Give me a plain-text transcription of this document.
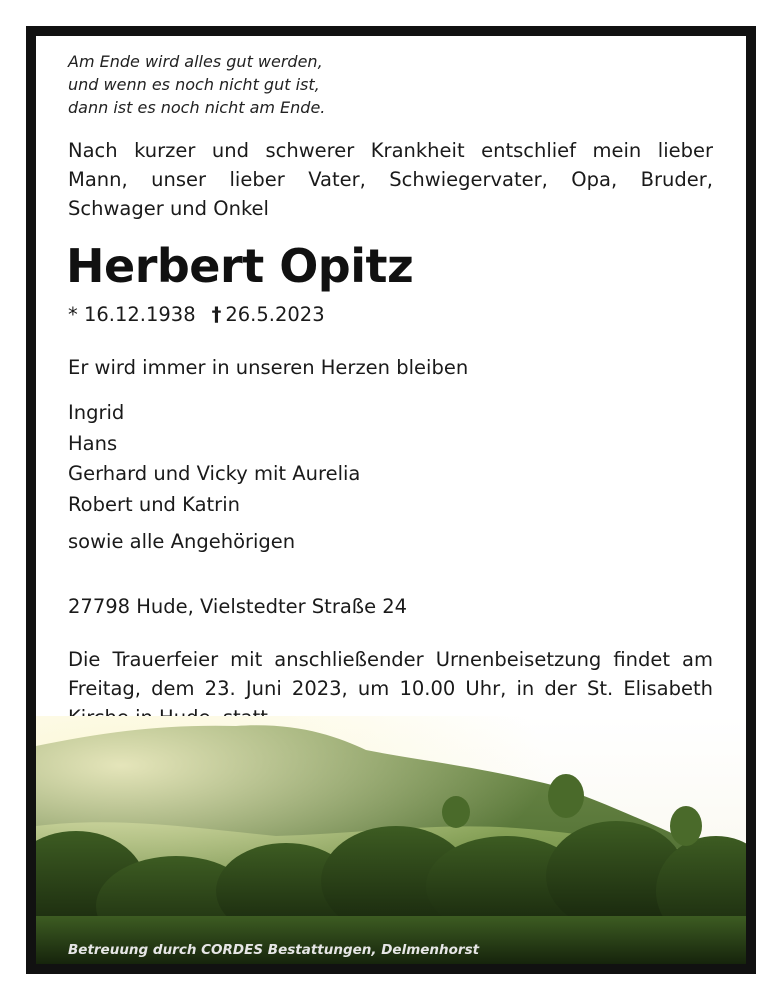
Am Ende wird alles gut werden,
und wenn es noch nicht gut ist,
dann ist es noch nicht am Ende.
Nach kurzer und schwerer Krankheit entschlief mein lieber
Mann, unser lieber Vater, Schwiegervater, Opa, Bruder,
Schwager und Onkel
Herbert Opitz
* 16.12.1938 † 26.5.2023
Er wird immer in unseren Herzen bleiben
Ingrid
Hans
Gerhard und Vicky mit Aurelia
Robert und Katrin
sowie alle Angehörigen
27798 Hude, Vielstedter Straße 24
Die Trauerfeier mit anschließender Urnenbeisetzung findet am
Freitag, dem 23. Juni 2023, um 10.00 Uhr, in der St. Elisabeth
Betreuung durch CORDES Bestattungen, Delmenhorst
